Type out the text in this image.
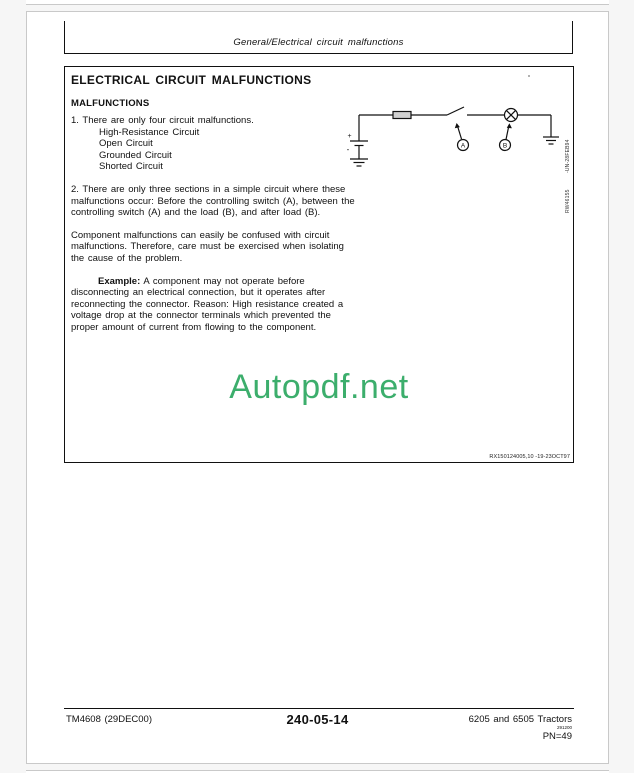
General/Electrical circuit malfunctions
ELECTRICAL CIRCUIT MALFUNCTIONS
MALFUNCTIONS

1. There are only four circuit malfunctions.
High-Resistance Circuit
Open Circuit
Grounded Circuit
Shorted Circuit

2. There are only three sections in a simple circuit where these malfunctions occur: Before the controlling switch (A), between the controlling switch (A) and the load (B), and after load (B).

Component malfunctions can easily be confused with circuit malfunctions. Therefore, care must be exercised when isolating the cause of the problem.

Example: A component may not operate before disconnecting an electrical connection, but it operates after reconnecting the connector. Reason: High resistance created a voltage drop at the connector terminals which prevented the proper amount of current from flowing to the component.

+
-	A	B	-UN-28FEB94
RW46155
Autopdf.net
RX150124005,10 -19-23OCT97
TM4608 (29DEC00)	240-05-14	6205 and 6505 Tractors
291200
PN=49
